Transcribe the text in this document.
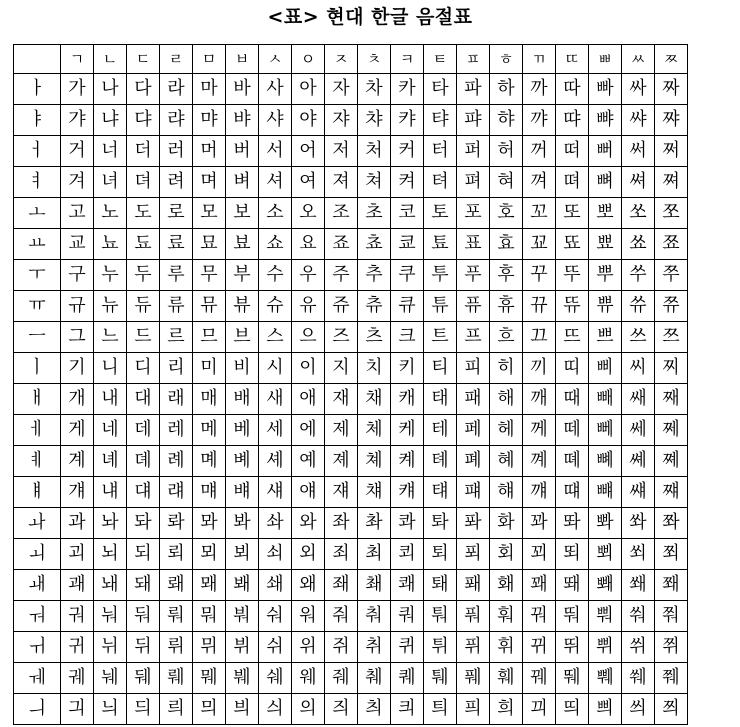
<표> 현대 한글 음절표
	ㄱ	ㄴ	ㄷ	ㄹ	ㅁ	ㅂ	ㅅ	ㅇ	ㅈ	ㅊ	ㅋ	ㅌ	ㅍ	ㅎ	ㄲ	ㄸ	ㅃ	ㅆ	ㅉ
ㅏ	가	나	다	라	마	바	사	아	자	차	카	타	파	하	까	따	빠	싸	짜
ㅑ	갸	냐	댜	랴	먀	뱌	샤	야	쟈	챠	캬	탸	퍄	햐	꺄	땨	뺘	쌰	쨔
ㅓ	거	너	더	러	머	버	서	어	저	처	커	터	퍼	허	꺼	떠	뻐	써	쩌
ㅕ	겨	녀	뎌	려	며	벼	셔	여	져	쳐	켜	텨	펴	혀	껴	뗘	뼈	쎠	쪄
ㅗ	고	노	도	로	모	보	소	오	조	초	코	토	포	호	꼬	또	뽀	쏘	쪼
ㅛ	교	뇨	됴	료	묘	뵤	쇼	요	죠	쵸	쿄	툐	표	효	꾜	뚀	뾰	쑈	쬬
ㅜ	구	누	두	루	무	부	수	우	주	추	쿠	투	푸	후	꾸	뚜	뿌	쑤	쭈
ㅠ	규	뉴	듀	류	뮤	뷰	슈	유	쥬	츄	큐	튜	퓨	휴	뀨	뜌	쀼	쓔	쮸
ㅡ	그	느	드	르	므	브	스	으	즈	츠	크	트	프	흐	끄	뜨	쁘	쓰	쯔
ㅣ	기	니	디	리	미	비	시	이	지	치	키	티	피	히	끼	띠	삐	씨	찌
ㅐ	개	내	대	래	매	배	새	애	재	채	캐	태	패	해	깨	때	빼	쌔	째
ㅔ	게	네	데	레	메	베	세	에	제	체	케	테	페	헤	께	떼	뻬	쎄	쩨
ㅖ	계	녜	뎨	례	몌	볘	셰	예	졔	쳬	켸	톄	폐	혜	꼐	뗴	뼤	쎼	쪠
ㅒ	걔	냬	댸	럐	먜	뱨	섀	얘	쟤	챼	컈	턔	퍠	햬	꺠	떄	뺴	썌	쨰
ㅘ	과	놔	돠	롸	뫄	봐	솨	와	좌	촤	콰	톼	퐈	화	꽈	똬	뽜	쏴	쫘
ㅚ	괴	뇌	되	뢰	뫼	뵈	쇠	외	죄	최	쾨	퇴	푀	회	꾀	뙤	뾔	쐬	쬐
ㅙ	괘	놰	돼	뢔	뫠	봬	쇄	왜	좨	쵀	쾌	퇘	퐤	홰	꽤	뙈	뽸	쐐	쫴
ㅝ	궈	눠	둬	뤄	뭐	붜	숴	워	줘	춰	쿼	퉈	풔	훠	꿔	뚸	뿨	쒀	쭤
ㅟ	귀	뉘	뒤	뤼	뮈	뷔	쉬	위	쥐	취	퀴	튀	퓌	휘	뀌	뛰	쀠	쒸	쮜
ㅞ	궤	눼	뒈	뤠	뭬	붸	쉐	웨	줴	췌	퀘	퉤	풰	훼	꿰	뛔	쀄	쒜	쮀
ㅢ	긔	늬	듸	릐	믜	븨	싀	의	즤	츼	킈	틔	픠	희	끠	띄	쁴	씌	쯰
